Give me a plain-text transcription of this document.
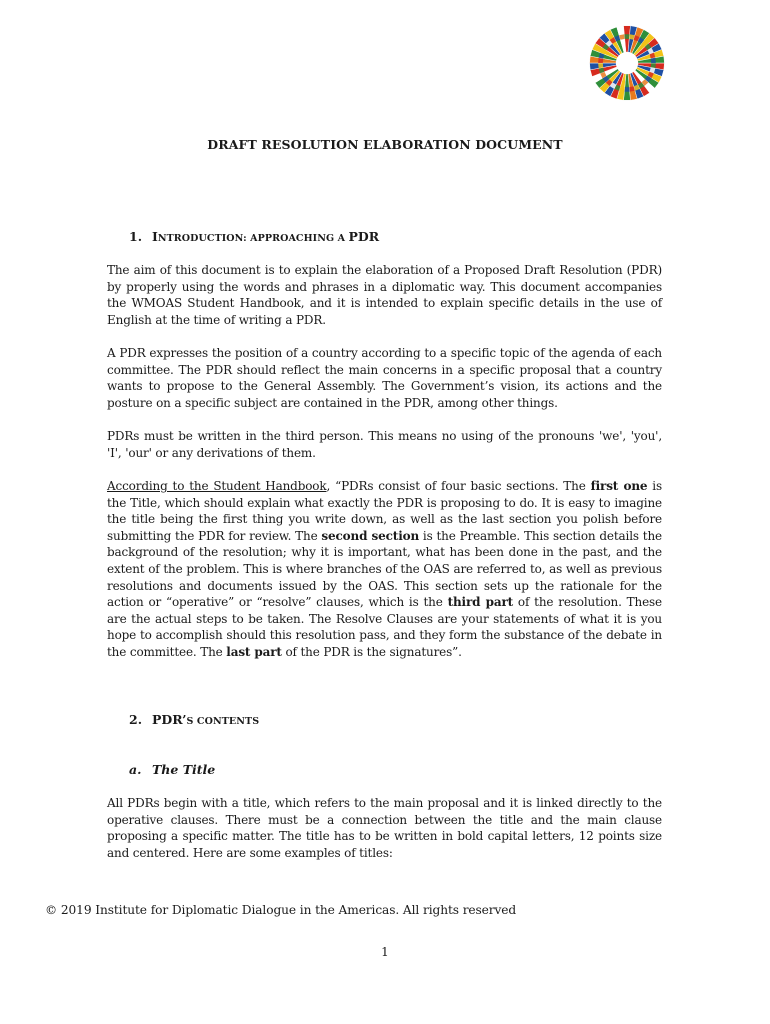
DRAFT RESOLUTION ELABORATION DOCUMENT
1. INTRODUCTION: APPROACHING A PDR

The aim of this document is to explain the elaboration of a Proposed Draft Resolution (PDR) by properly using the words and phrases in a diplomatic way. This document accompanies the WMOAS Student Handbook, and it is intended to explain specific details in the use of English at the time of writing a PDR.

A PDR expresses the position of a country according to a specific topic of the agenda of each committee. The PDR should reflect the main concerns in a specific proposal that a country wants to propose to the General Assembly. The Government’s vision, its actions and the posture on a specific subject are contained in the PDR, among other things.

PDRs must be written in the third person. This means no using of the pronouns 'we', 'you', 'I', 'our' or any derivations of them.

According to the Student Handbook, “PDRs consist of four basic sections. The first one is the Title, which should explain what exactly the PDR is proposing to do. It is easy to imagine the title being the first thing you write down, as well as the last section you polish before submitting the PDR for review. The second section is the Preamble. This section details the background of the resolution; why it is important, what has been done in the past, and the extent of the problem. This is where branches of the OAS are referred to, as well as previous resolutions and documents issued by the OAS. This section sets up the rationale for the action or “operative” or “resolve” clauses, which is the third part of the resolution. These are the actual steps to be taken. The Resolve Clauses are your statements of what it is you hope to accomplish should this resolution pass, and they form the substance of the debate in the committee. The last part of the PDR is the signatures”.

2. PDR’S CONTENTS
a. The Title

All PDRs begin with a title, which refers to the main proposal and it is linked directly to the operative clauses. There must be a connection between the title and the main clause proposing a specific matter. The title has to be written in bold capital letters, 12 points size and centered. Here are some examples of titles:

© 2019 Institute for Diplomatic Dialogue in the Americas. All rights reserved

1
